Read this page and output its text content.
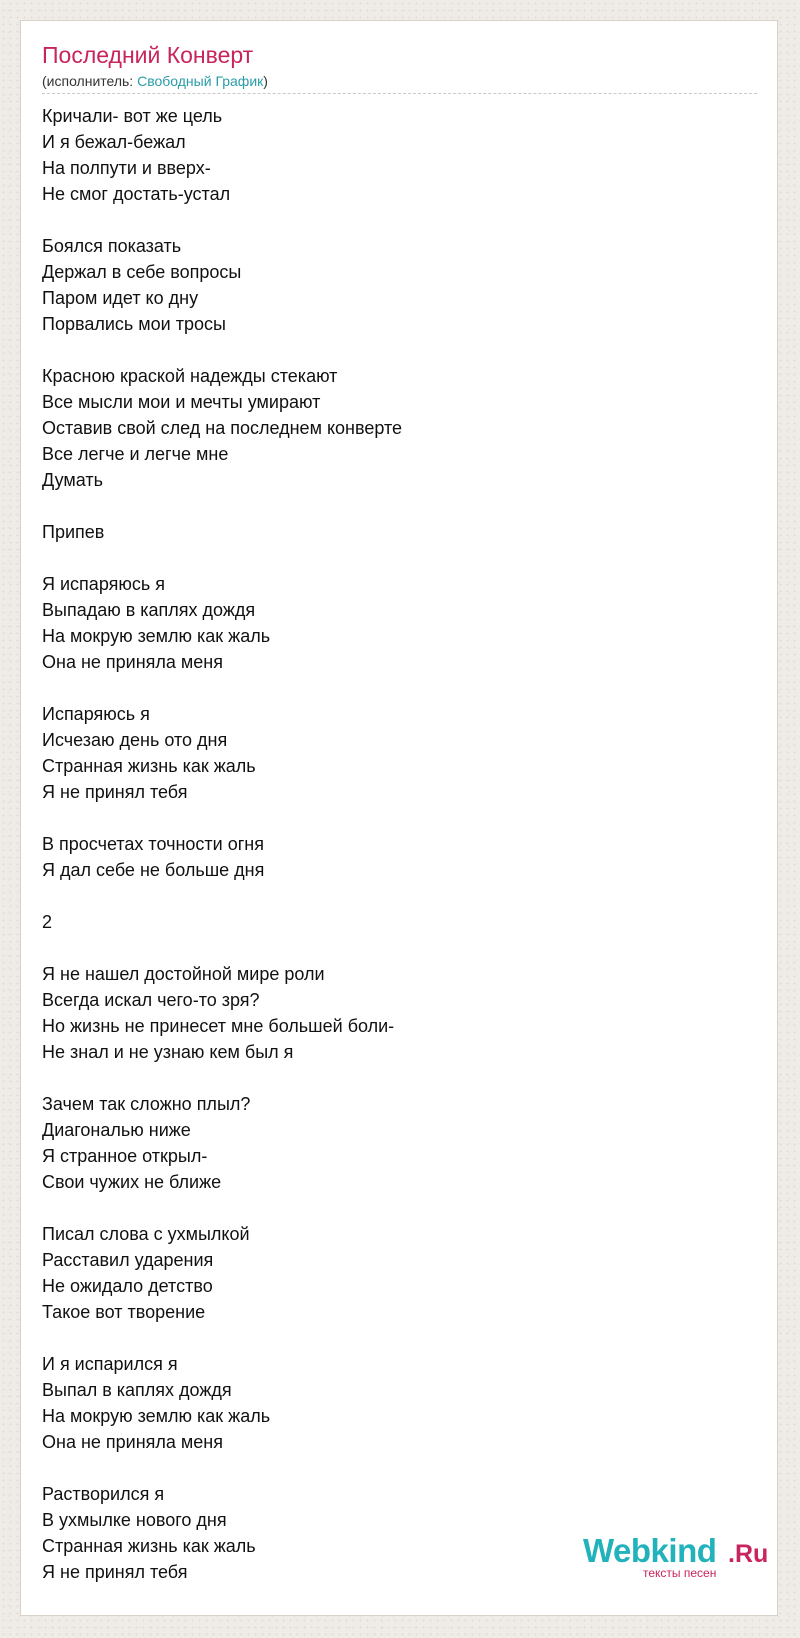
Последний Конверт
(исполнитель: Свободный График)
Кричали- вот же цель
И я бежал-бежал
На полпути и вверх-
Не смог достать-устал
Боялся показать
Держал в себе вопросы
Паром идет ко дну
Порвались мои тросы
Красною краской надежды стекают
Все мысли мои и мечты умирают
Оставив свой след на последнем конверте
Все легче и легче мне
Думать
Припев
Я испаряюсь я
Выпадаю в каплях дождя
На мокрую землю как жаль
Она не приняла меня
Испаряюсь я
Исчезаю день ото дня
Странная жизнь как жаль
Я не принял тебя
В просчетах точности огня
Я дал себе не больше дня
2
Я не нашел достойной мире роли
Всегда искал чего-то зря?
Но жизнь не принесет мне большей боли-
Не знал и не узнаю кем был я
Зачем так сложно плыл?
Диагональю ниже
Я странное открыл-
Свои чужих не ближе
Писал слова с ухмылкой
Расставил ударения
Не ожидало детство
Такое вот творение
И я испарился я
Выпал в каплях дождя
На мокрую землю как жаль
Она не приняла меня
Растворился я
В ухмылке нового дня
Странная жизнь как жаль
Я не принял тебя
Webkind .Ru
тексты песен
